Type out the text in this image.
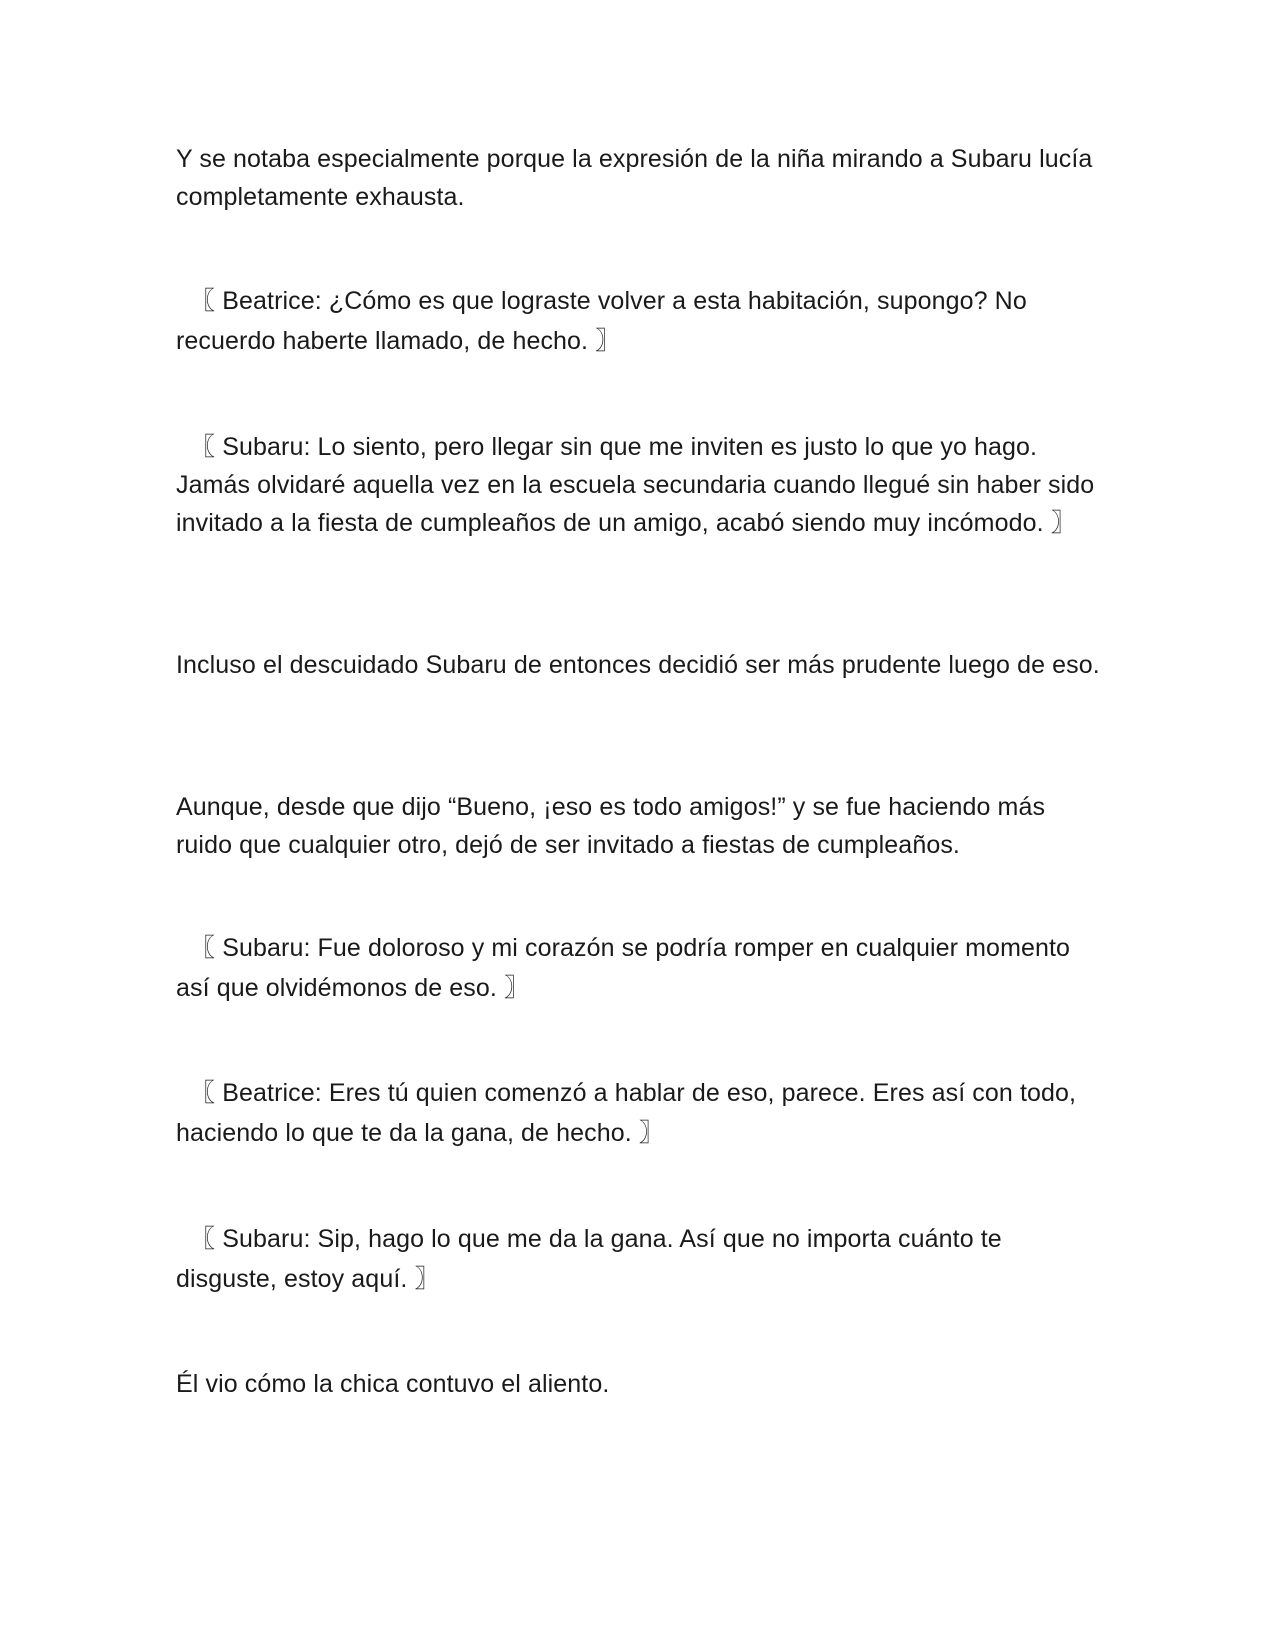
Y se notaba especialmente porque la expresión de la niña mirando a Subaru lucía completamente exhausta.

〖 Beatrice: ¿Cómo es que lograste volver a esta habitación, supongo? No recuerdo haberte llamado, de hecho. 〗

〖 Subaru: Lo siento, pero llegar sin que me inviten es justo lo que yo hago. Jamás olvidaré aquella vez en la escuela secundaria cuando llegué sin haber sido invitado a la fiesta de cumpleaños de un amigo, acabó siendo muy incómodo. 〗

Incluso el descuidado Subaru de entonces decidió ser más prudente luego de eso.

Aunque, desde que dijo “Bueno, ¡eso es todo amigos!” y se fue haciendo más ruido que cualquier otro, dejó de ser invitado a fiestas de cumpleaños.

〖 Subaru: Fue doloroso y mi corazón se podría romper en cualquier momento así que olvidémonos de eso. 〗

〖 Beatrice: Eres tú quien comenzó a hablar de eso, parece. Eres así con todo, haciendo lo que te da la gana, de hecho. 〗

〖 Subaru: Sip, hago lo que me da la gana. Así que no importa cuánto te disguste, estoy aquí. 〗

Él vio cómo la chica contuvo el aliento.
